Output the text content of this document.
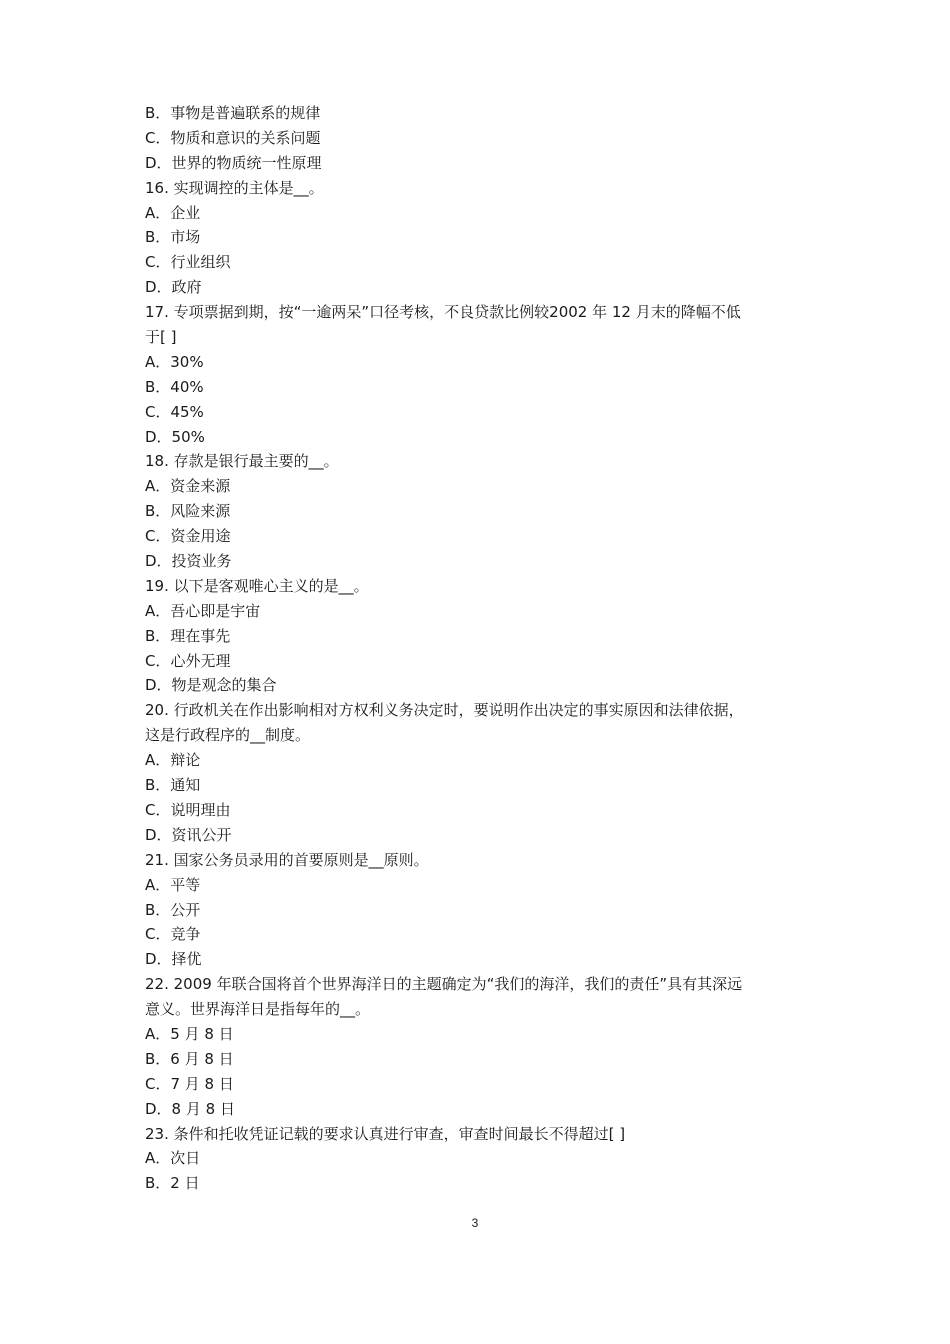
B．事物是普遍联系的规律
C．物质和意识的关系问题
D．世界的物质统一性原理
16. 实现调控的主体是__。
A．企业
B．市场
C．行业组织
D．政府
17. 专项票据到期，按“一逾两呆”口径考核，不良贷款比例较2002 年 12 月末的降幅不低
于[ ]
A．30%
B．40%
C．45%
D．50%
18. 存款是银行最主要的__。
A．资金来源
B．风险来源
C．资金用途
D．投资业务
19. 以下是客观唯心主义的是__。
A．吾心即是宇宙
B．理在事先
C．心外无理
D．物是观念的集合
20. 行政机关在作出影响相对方权利义务决定时，要说明作出决定的事实原因和法律依据，
这是行政程序的__制度。
A．辩论
B．通知
C．说明理由
D．资讯公开
21. 国家公务员录用的首要原则是__原则。
A．平等
B．公开
C．竞争
D．择优
22. 2009 年联合国将首个世界海洋日的主题确定为“我们的海洋，我们的责任”具有其深远
意义。世界海洋日是指每年的__。
A．5 月 8 日
B．6 月 8 日
C．7 月 8 日
D．8 月 8 日
23. 条件和托收凭证记载的要求认真进行审查，审查时间最长不得超过[ ]
A．次日
B．2 日
3
